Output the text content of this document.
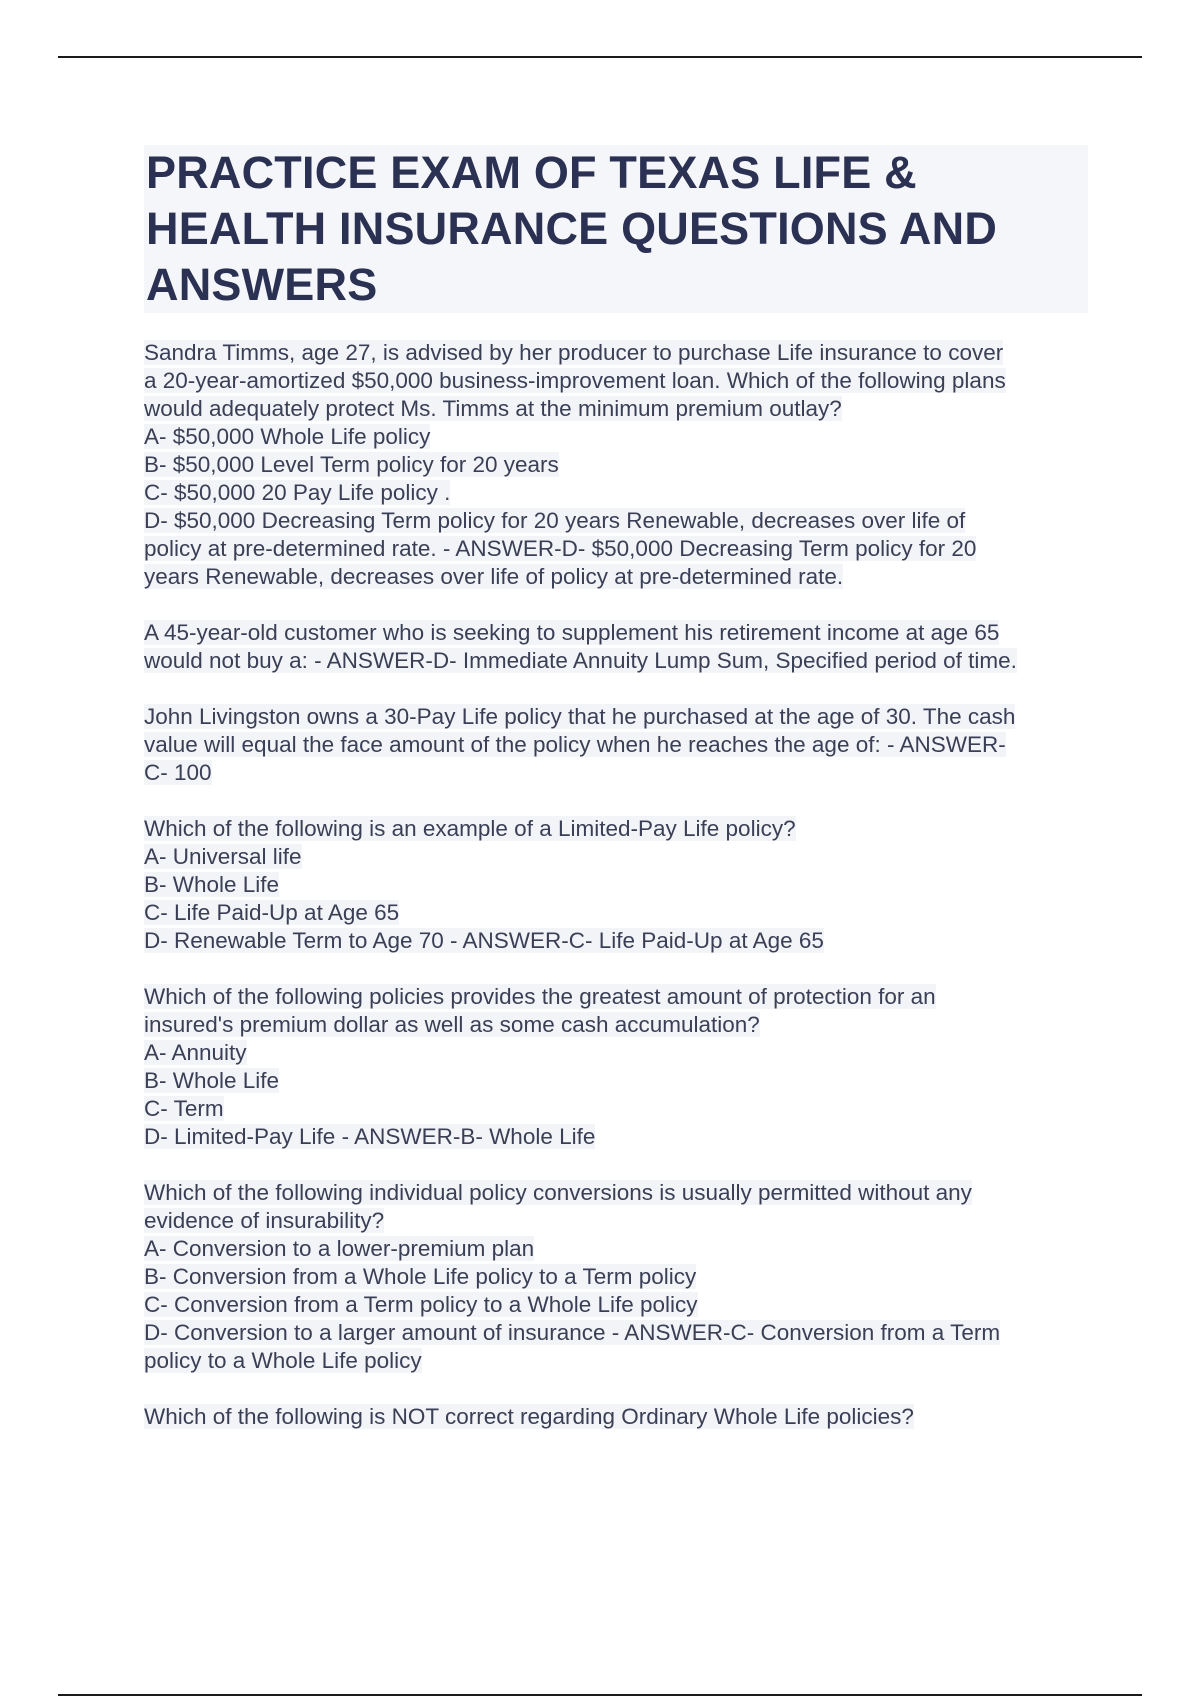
PRACTICE EXAM OF TEXAS LIFE &
HEALTH INSURANCE QUESTIONS AND
ANSWERS
Sandra Timms, age 27, is advised by her producer to purchase Life insurance to cover
a 20-year-amortized $50,000 business-improvement loan. Which of the following plans
would adequately protect Ms. Timms at the minimum premium outlay?
A- $50,000 Whole Life policy
B- $50,000 Level Term policy for 20 years
C- $50,000 20 Pay Life policy .
D- $50,000 Decreasing Term policy for 20 years Renewable, decreases over life of
policy at pre-determined rate. - ANSWER-D- $50,000 Decreasing Term policy for 20
years Renewable, decreases over life of policy at pre-determined rate.
A 45-year-old customer who is seeking to supplement his retirement income at age 65
would not buy a: - ANSWER-D- Immediate Annuity Lump Sum, Specified period of time.
John Livingston owns a 30-Pay Life policy that he purchased at the age of 30. The cash
value will equal the face amount of the policy when he reaches the age of: - ANSWER-
C- 100
Which of the following is an example of a Limited-Pay Life policy?
A- Universal life
B- Whole Life
C- Life Paid-Up at Age 65
D- Renewable Term to Age 70 - ANSWER-C- Life Paid-Up at Age 65
Which of the following policies provides the greatest amount of protection for an
insured's premium dollar as well as some cash accumulation?
A- Annuity
B- Whole Life
C- Term
D- Limited-Pay Life - ANSWER-B- Whole Life
Which of the following individual policy conversions is usually permitted without any
evidence of insurability?
A- Conversion to a lower-premium plan
B- Conversion from a Whole Life policy to a Term policy
C- Conversion from a Term policy to a Whole Life policy
D- Conversion to a larger amount of insurance - ANSWER-C- Conversion from a Term
policy to a Whole Life policy
Which of the following is NOT correct regarding Ordinary Whole Life policies?
